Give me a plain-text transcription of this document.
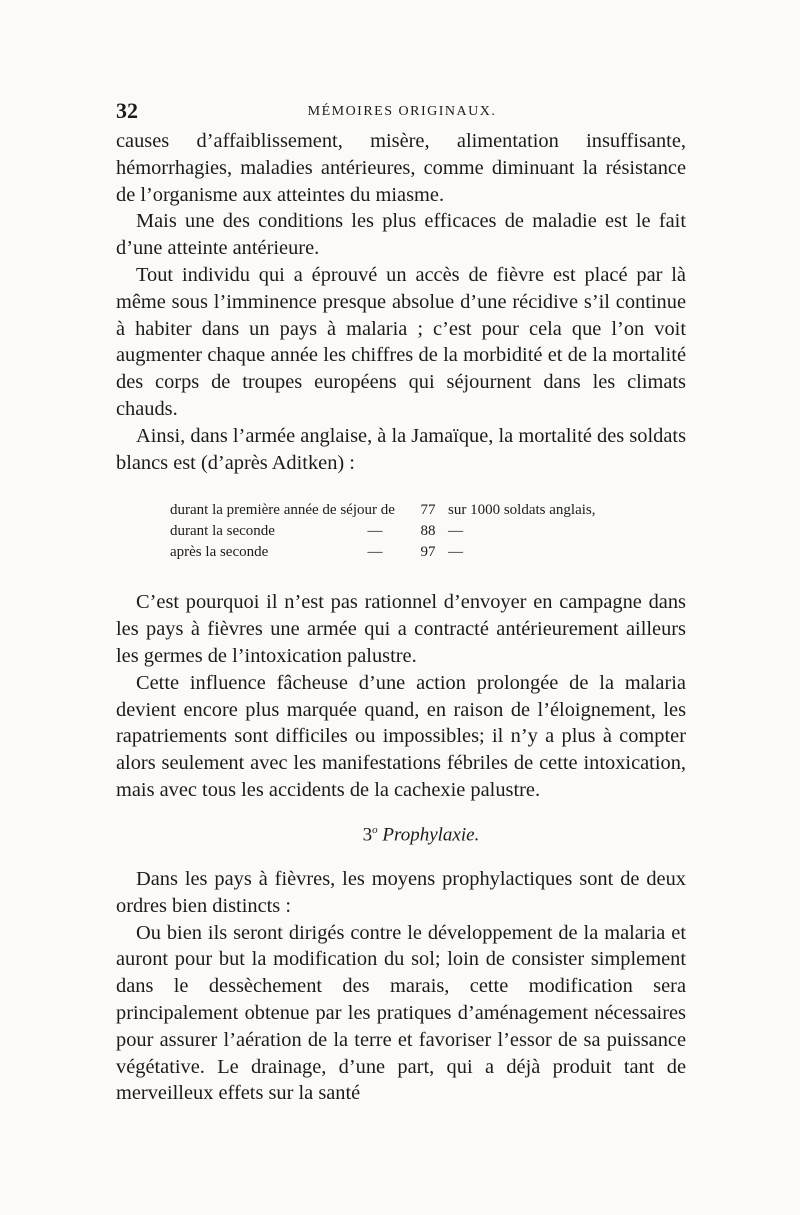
32	MÉMOIRES ORIGINAUX.

causes d’affaiblissement, misère, alimentation insuffisante, hémorrhagies, maladies antérieures, comme diminuant la résistance de l’organisme aux atteintes du miasme.

Mais une des conditions les plus efficaces de maladie est le fait d’une atteinte antérieure.

Tout individu qui a éprouvé un accès de fièvre est placé par là même sous l’imminence presque absolue d’une récidive s’il continue à habiter dans un pays à malaria ; c’est pour cela que l’on voit augmenter chaque année les chiffres de la morbidité et de la mortalité des corps de troupes européens qui séjournent dans les climats chauds.

Ainsi, dans l’armée anglaise, à la Jamaïque, la mortalité des soldats blancs est (d’après Aditken) :

durant la première année de séjour de		77	sur 1000 soldats anglais,
durant la seconde	—	88	—
après la seconde	—	97	—

C’est pourquoi il n’est pas rationnel d’envoyer en campagne dans les pays à fièvres une armée qui a contracté antérieurement ailleurs les germes de l’intoxication palustre.

Cette influence fâcheuse d’une action prolongée de la malaria devient encore plus marquée quand, en raison de l’éloignement, les rapatriements sont difficiles ou impossibles; il n’y a plus à compter alors seulement avec les manifestations fébriles de cette intoxication, mais avec tous les accidents de la cachexie palustre.

3$^o$ Prophylaxie.

Dans les pays à fièvres, les moyens prophylactiques sont de deux ordres bien distincts :

Ou bien ils seront dirigés contre le développement de la malaria et auront pour but la modification du sol; loin de consister simplement dans le dessèchement des marais, cette modification sera principalement obtenue par les pratiques d’aménagement nécessaires pour assurer l’aération de la terre et favoriser l’essor de sa puissance végétative. Le drainage, d’une part, qui a déjà produit tant de merveilleux effets sur la santé
